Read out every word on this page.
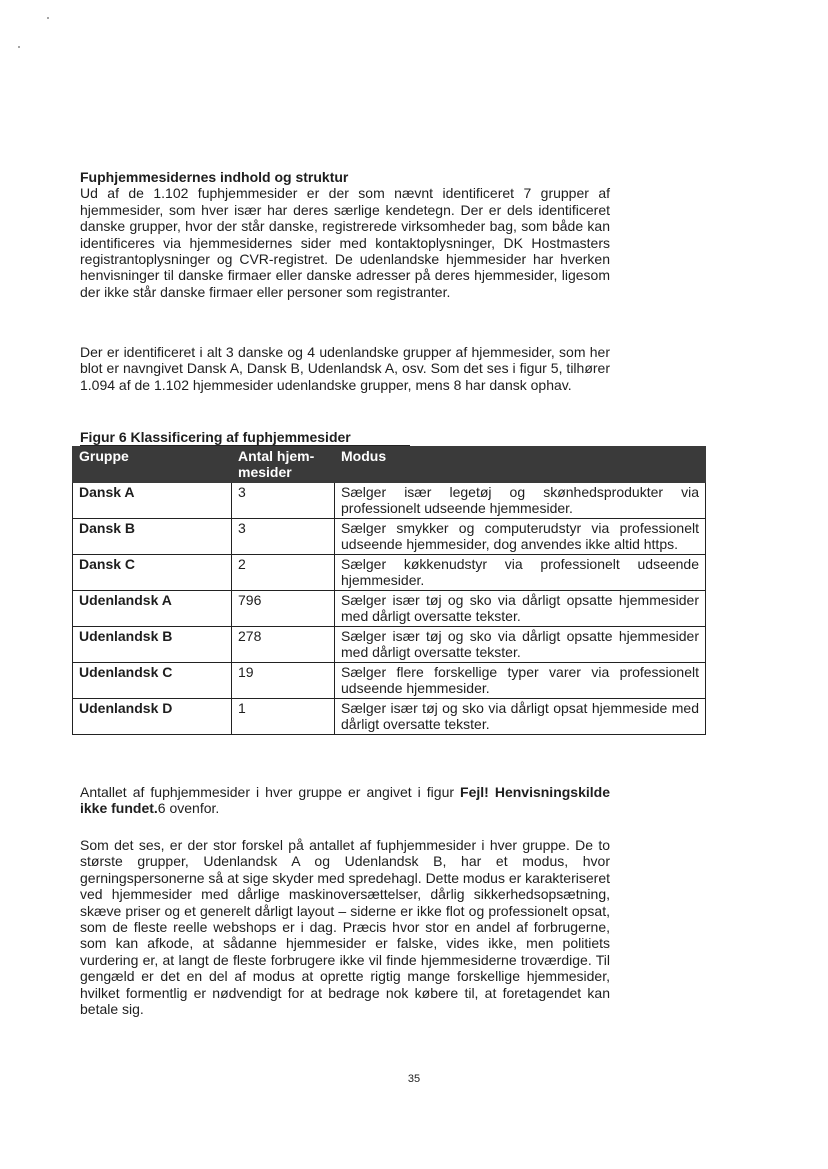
Fuphjemmesidernes indhold og struktur
Ud af de 1.102 fuphjemmesider er der som nævnt identificeret 7 grupper af hjemmesider, som hver især har deres særlige kendetegn. Der er dels identificeret danske grupper, hvor der står danske, registrerede virksomheder bag, som både kan identificeres via hjemmesidernes sider med kontaktoplysninger, DK Hostmasters registrantoplysninger og CVR-registret. De udenlandske hjemmesider har hverken henvisninger til danske firmaer eller danske adresser på deres hjemmesider, ligesom der ikke står danske firmaer eller personer som registranter.
Der er identificeret i alt 3 danske og 4 udenlandske grupper af hjemmesider, som her blot er navngivet Dansk A, Dansk B, Udenlandsk A, osv. Som det ses i figur 5, tilhører 1.094 af de 1.102 hjemmesider udenlandske grupper, mens 8 har dansk ophav.
Figur 6 Klassificering af fuphjemmesider
Gruppe	Antal hjem-mesider	Modus
Dansk A	3	Sælger især legetøj og skønhedsprodukter via professionelt udseende hjemmesider.
Dansk B	3	Sælger smykker og computerudstyr via professionelt udseende hjemmesider, dog anvendes ikke altid https.
Dansk C	2	Sælger køkkenudstyr via professionelt udseende hjemmesider.
Udenlandsk A	796	Sælger især tøj og sko via dårligt opsatte hjemmesider med dårligt oversatte tekster.
Udenlandsk B	278	Sælger især tøj og sko via dårligt opsatte hjemmesider med dårligt oversatte tekster.
Udenlandsk C	19	Sælger flere forskellige typer varer via professionelt udseende hjemmesider.
Udenlandsk D	1	Sælger især tøj og sko via dårligt opsat hjemmeside med dårligt oversatte tekster.
Antallet af fuphjemmesider i hver gruppe er angivet i figur Fejl! Henvisningskilde ikke fundet.6 ovenfor.
Som det ses, er der stor forskel på antallet af fuphjemmesider i hver gruppe. De to største grupper, Udenlandsk A og Udenlandsk B, har et modus, hvor gerningspersonerne så at sige skyder med spredehagl. Dette modus er karakteriseret ved hjemmesider med dårlige maskinoversættelser, dårlig sikkerhedsopsætning, skæve priser og et generelt dårligt layout – siderne er ikke flot og professionelt opsat, som de fleste reelle webshops er i dag. Præcis hvor stor en andel af forbrugerne, som kan afkode, at sådanne hjemmesider er falske, vides ikke, men politiets vurdering er, at langt de fleste forbrugere ikke vil finde hjemmesiderne troværdige. Til gengæld er det en del af modus at oprette rigtig mange forskellige hjemmesider, hvilket formentlig er nødvendigt for at bedrage nok købere til, at foretagendet kan betale sig.
35
